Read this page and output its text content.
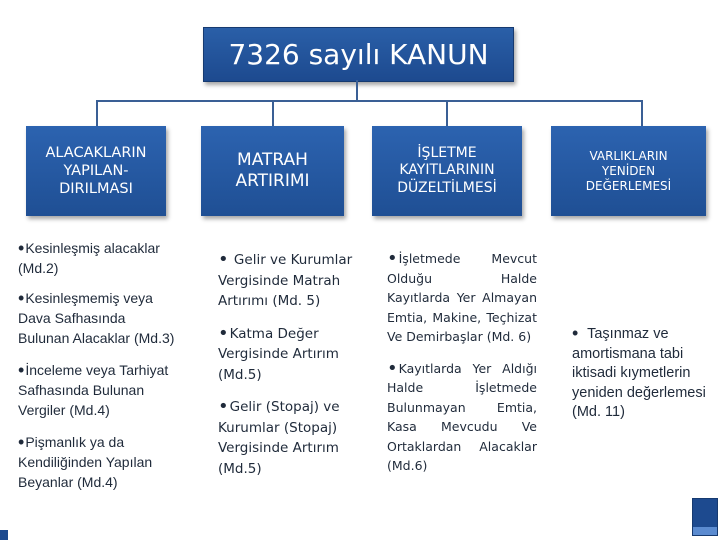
7326 sayılı KANUN
ALACAKLARIN
YAPILAN-
DIRILMASI
MATRAH
ARTIRIMI
İŞLETME
KAYITLARININ
DÜZELTİLMESİ
VARLIKLARIN
YENİDEN
DEĞERLEMESİ

•Kesinleşmiş alacaklar (Md.2)

•Kesinleşmemiş veya Dava Safhasında Bulunan Alacaklar (Md.3)

•İnceleme veya Tarhiyat Safhasında Bulunan Vergiler (Md.4)

•Pişmanlık ya da Kendiliğinden Yapılan Beyanlar (Md.4)

• Gelir ve Kurumlar Vergisinde Matrah Artırımı (Md. 5)

•Katma Değer Vergisinde Artırım (Md.5)

•Gelir (Stopaj) ve Kurumlar (Stopaj) Vergisinde Artırım (Md.5)

•İşletmede Mevcut Olduğu Halde Kayıtlarda Yer Almayan Emtia, Makine, Teçhizat Ve Demirbaşlar (Md. 6)

•Kayıtlarda Yer Aldığı Halde İşletmede Bulunmayan Emtia, Kasa Mevcudu Ve Ortaklardan Alacaklar (Md.6)

• Taşınmaz ve amortismana tabi iktisadi kıymetlerin yeniden değerlemesi (Md. 11)
